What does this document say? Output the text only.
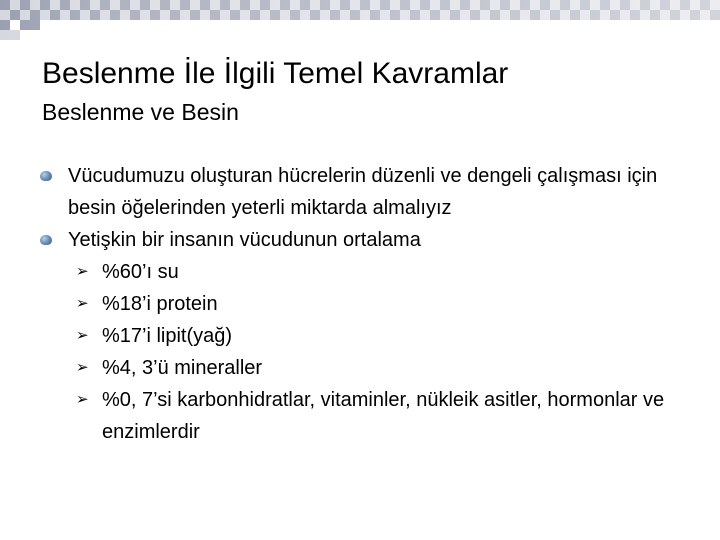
Beslenme İle İlgili Temel Kavramlar
Beslenme ve Besin
Vücudumuzu oluşturan hücrelerin düzenli ve dengeli çalışması için besin öğelerinden yeterli miktarda almalıyız
Yetişkin bir insanın vücudunun ortalama
➢ %60’ı su
➢ %18’i protein
➢ %17’i lipit(yağ)
➢ %4, 3’ü mineraller
➢ %0, 7’si karbonhidratlar, vitaminler, nükleik asitler, hormonlar ve enzimlerdir
